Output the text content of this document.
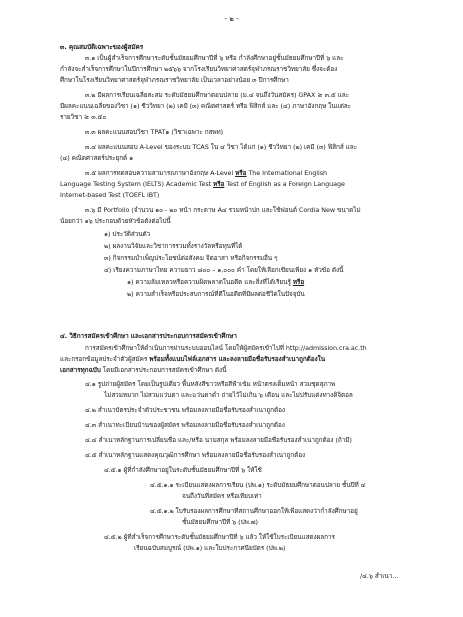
- ๒ -
๓. คุณสมบัติเฉพาะของผู้สมัคร
๓.๑ เป็นผู้สำเร็จการศึกษาระดับชั้นมัธยมศึกษาปีที่ ๖ หรือ กำลังศึกษาอยู่ชั้นมัธยมศึกษาปีที่ ๖ และ
กำลังจะสำเร็จการศึกษาในปีการศึกษา ๒๕๖๖ จากโรงเรียนวิทยาศาสตร์จุฬาภรณราชวิทยาลัย ซึ่งจะต้อง
ศึกษาในโรงเรียนวิทยาศาสตร์จุฬาภรณราชวิทยาลัย เป็นเวลาอย่างน้อย ๓ ปีการศึกษา
๓.๒ มีผลการเรียนเฉลี่ยสะสม ระดับมัธยมศึกษาตอนปลาย (ม.๔ จนถึงวันสมัคร) GPAX ≥ ๓.๕ และ
มีผลคะแนนเฉลี่ยของวิชา (๑) ชีววิทยา (๒) เคมี (๓) คณิตศาสตร์ หรือ ฟิสิกส์ และ (๔) ภาษาอังกฤษ ในแต่ละ
รายวิชา ≥ ๓.๕๐
๓.๓ ผลคะแนนสอบวิชา TPAT๑ (วิชาเฉพาะ กสพท)
๓.๔ ผลคะแนนสอบ A-Level ของระบบ TCAS ใน ๔ วิชา ได้แก่ (๑) ชีววิทยา (๒) เคมี (๓) ฟิสิกส์ และ
(๔) คณิตศาสตร์ประยุกต์ ๑
๓.๕ ผลการทดสอบความสามารถภาษาอังกฤษ A-Level หรือ The International English
Language Testing System (IELTS) Academic Test หรือ Test of English as a Foreign Language
Internet-based Test (TOEFL iBT)
๓.๖ มี Portfolio (จำนวน ๑๐ - ๒๐ หน้า กระดาษ A๔ รวมหน้าปก และใช้ฟอนต์ Cordia New ขนาดไม่
น้อยกว่า ๑๖ ประกอบด้วยหัวข้อดังต่อไปนี้
๑) ประวัติส่วนตัว
๒) ผลงานวิจัยและวิชาการรวมทั้งรางวัลหรือทุนที่ได้
๓) กิจกรรมบำเพ็ญประโยชน์ต่อสังคม จิตอาสา หรือกิจกรรมอื่น ๆ
๔) เรียงความภาษาไทย ความยาว ๘๐๐ – ๑,๐๐๐ คำ โดยให้เลือกเขียนเพียง ๑ หัวข้อ ดังนี้
๑) ความล้มเหลวหรือความผิดพลาดในอดีต และสิ่งที่ได้เรียนรู้ หรือ
๒) ความสำเร็จหรือประสบการณ์ที่ดีในอดีตที่มีผลต่อชีวิตในปัจจุบัน
๔. วิธีการสมัครเข้าศึกษา และเอกสารประกอบการสมัครเข้าศึกษา
การสมัครเข้าศึกษาให้ดำเนินการผ่านระบบออนไลน์ โดยให้ผู้สมัครเข้าไปที่ http://admission.cra.ac.th
และกรอกข้อมูลประจำตัวผู้สมัคร พร้อมทั้งแนบไฟล์เอกสาร และลงลายมือชื่อรับรองสำเนาถูกต้องใน
เอกสารทุกฉบับ โดยมีเอกสารประกอบการสมัครเข้าศึกษา ดังนี้
๔.๑ รูปถ่ายผู้สมัคร โดยเป็นรูปเดี่ยว พื้นหลังสีขาวหรือสีฟ้าเข้ม หน้าตรงเต็มหน้า สวมชุดสุภาพ
ไม่สวมหมวก ไม่สวมแว่นตา และแว่นตาดำ ถ่ายไว้ไม่เกิน ๖ เดือน และไม่ปรับแต่งทางดิจิตอล
๔.๒ สำเนาบัตรประจำตัวประชาชน พร้อมลงลายมือชื่อรับรองสำเนาถูกต้อง
๔.๓ สำเนาทะเบียนบ้านของผู้สมัคร พร้อมลงลายมือชื่อรับรองสำเนาถูกต้อง
๔.๔ สำเนาหลักฐานการเปลี่ยนชื่อ และ/หรือ นามสกุล พร้อมลงลายมือชื่อรับรองสำเนาถูกต้อง (ถ้ามี)
๔.๕ สำเนาหลักฐานแสดงคุณวุฒิการศึกษา พร้อมลงลายมือชื่อรับรองสำเนาถูกต้อง
๔.๕.๑ ผู้ที่กำลังศึกษาอยู่ในระดับชั้นมัธยมศึกษาปีที่ ๖ ให้ใช้
๔.๕.๑.๑ ระเบียนแสดงผลการเรียน (ปพ.๑) ระดับมัธยมศึกษาตอนปลาย ชั้นปีที่ ๔
จนถึงวันที่สมัคร หรือเทียบเท่า
๔.๕.๑.๒ ใบรับรองผลการศึกษาที่สถานศึกษาออกให้เพื่อแสดงว่ากำลังศึกษาอยู่
ชั้นมัธยมศึกษาปีที่ ๖ (ปพ.๗)
๔.๕.๒ ผู้ที่สำเร็จการศึกษาระดับชั้นมัธยมศึกษาปีที่ ๖ แล้ว ให้ใช้ใบระเบียนแสดงผลการ
เรียนฉบับสมบูรณ์ (ปพ.๑) และใบประกาศนียบัตร (ปพ.๒)
/๔.๖ สำเนา...
